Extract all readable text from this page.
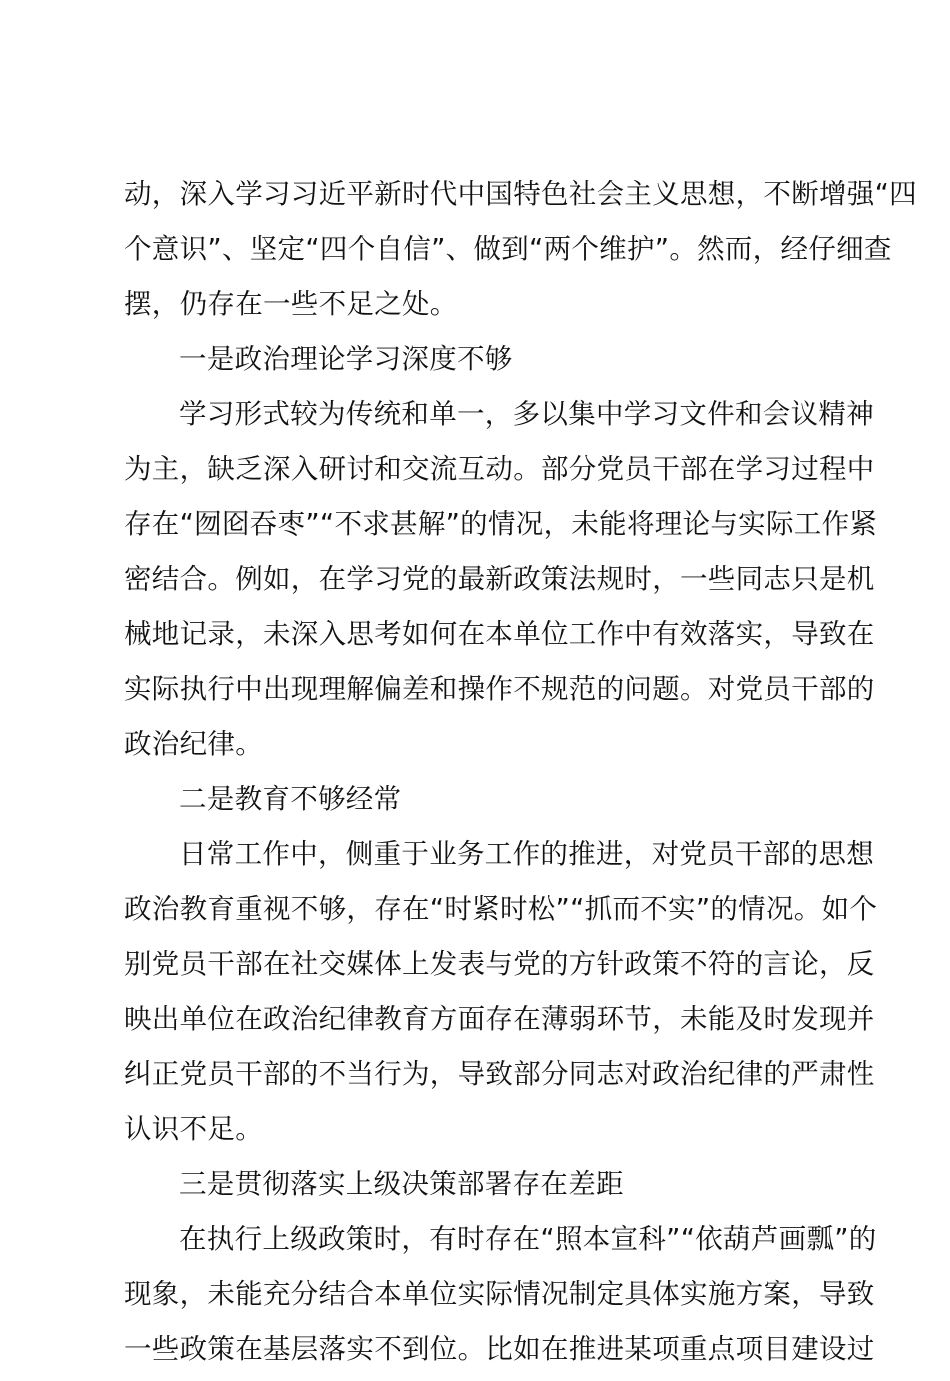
动，深入学习习近平新时代中国特色社会主义思想，不断增强“四
个意识”、坚定“四个自信”、做到“两个维护”。然而，经仔细查
摆，仍存在一些不足之处。
一是政治理论学习深度不够
学习形式较为传统和单一，多以集中学习文件和会议精神
为主，缺乏深入研讨和交流互动。部分党员干部在学习过程中
存在“囫囵吞枣”“不求甚解”的情况，未能将理论与实际工作紧
密结合。例如，在学习党的最新政策法规时，一些同志只是机
械地记录，未深入思考如何在本单位工作中有效落实，导致在
实际执行中出现理解偏差和操作不规范的问题。对党员干部的
政治纪律。
二是教育不够经常
日常工作中，侧重于业务工作的推进，对党员干部的思想
政治教育重视不够，存在“时紧时松”“抓而不实”的情况。如个
别党员干部在社交媒体上发表与党的方针政策不符的言论，反
映出单位在政治纪律教育方面存在薄弱环节，未能及时发现并
纠正党员干部的不当行为，导致部分同志对政治纪律的严肃性
认识不足。
三是贯彻落实上级决策部署存在差距
在执行上级政策时，有时存在“照本宣科”“依葫芦画瓢”的
现象，未能充分结合本单位实际情况制定具体实施方案，导致
一些政策在基层落实不到位。比如在推进某项重点项目建设过
